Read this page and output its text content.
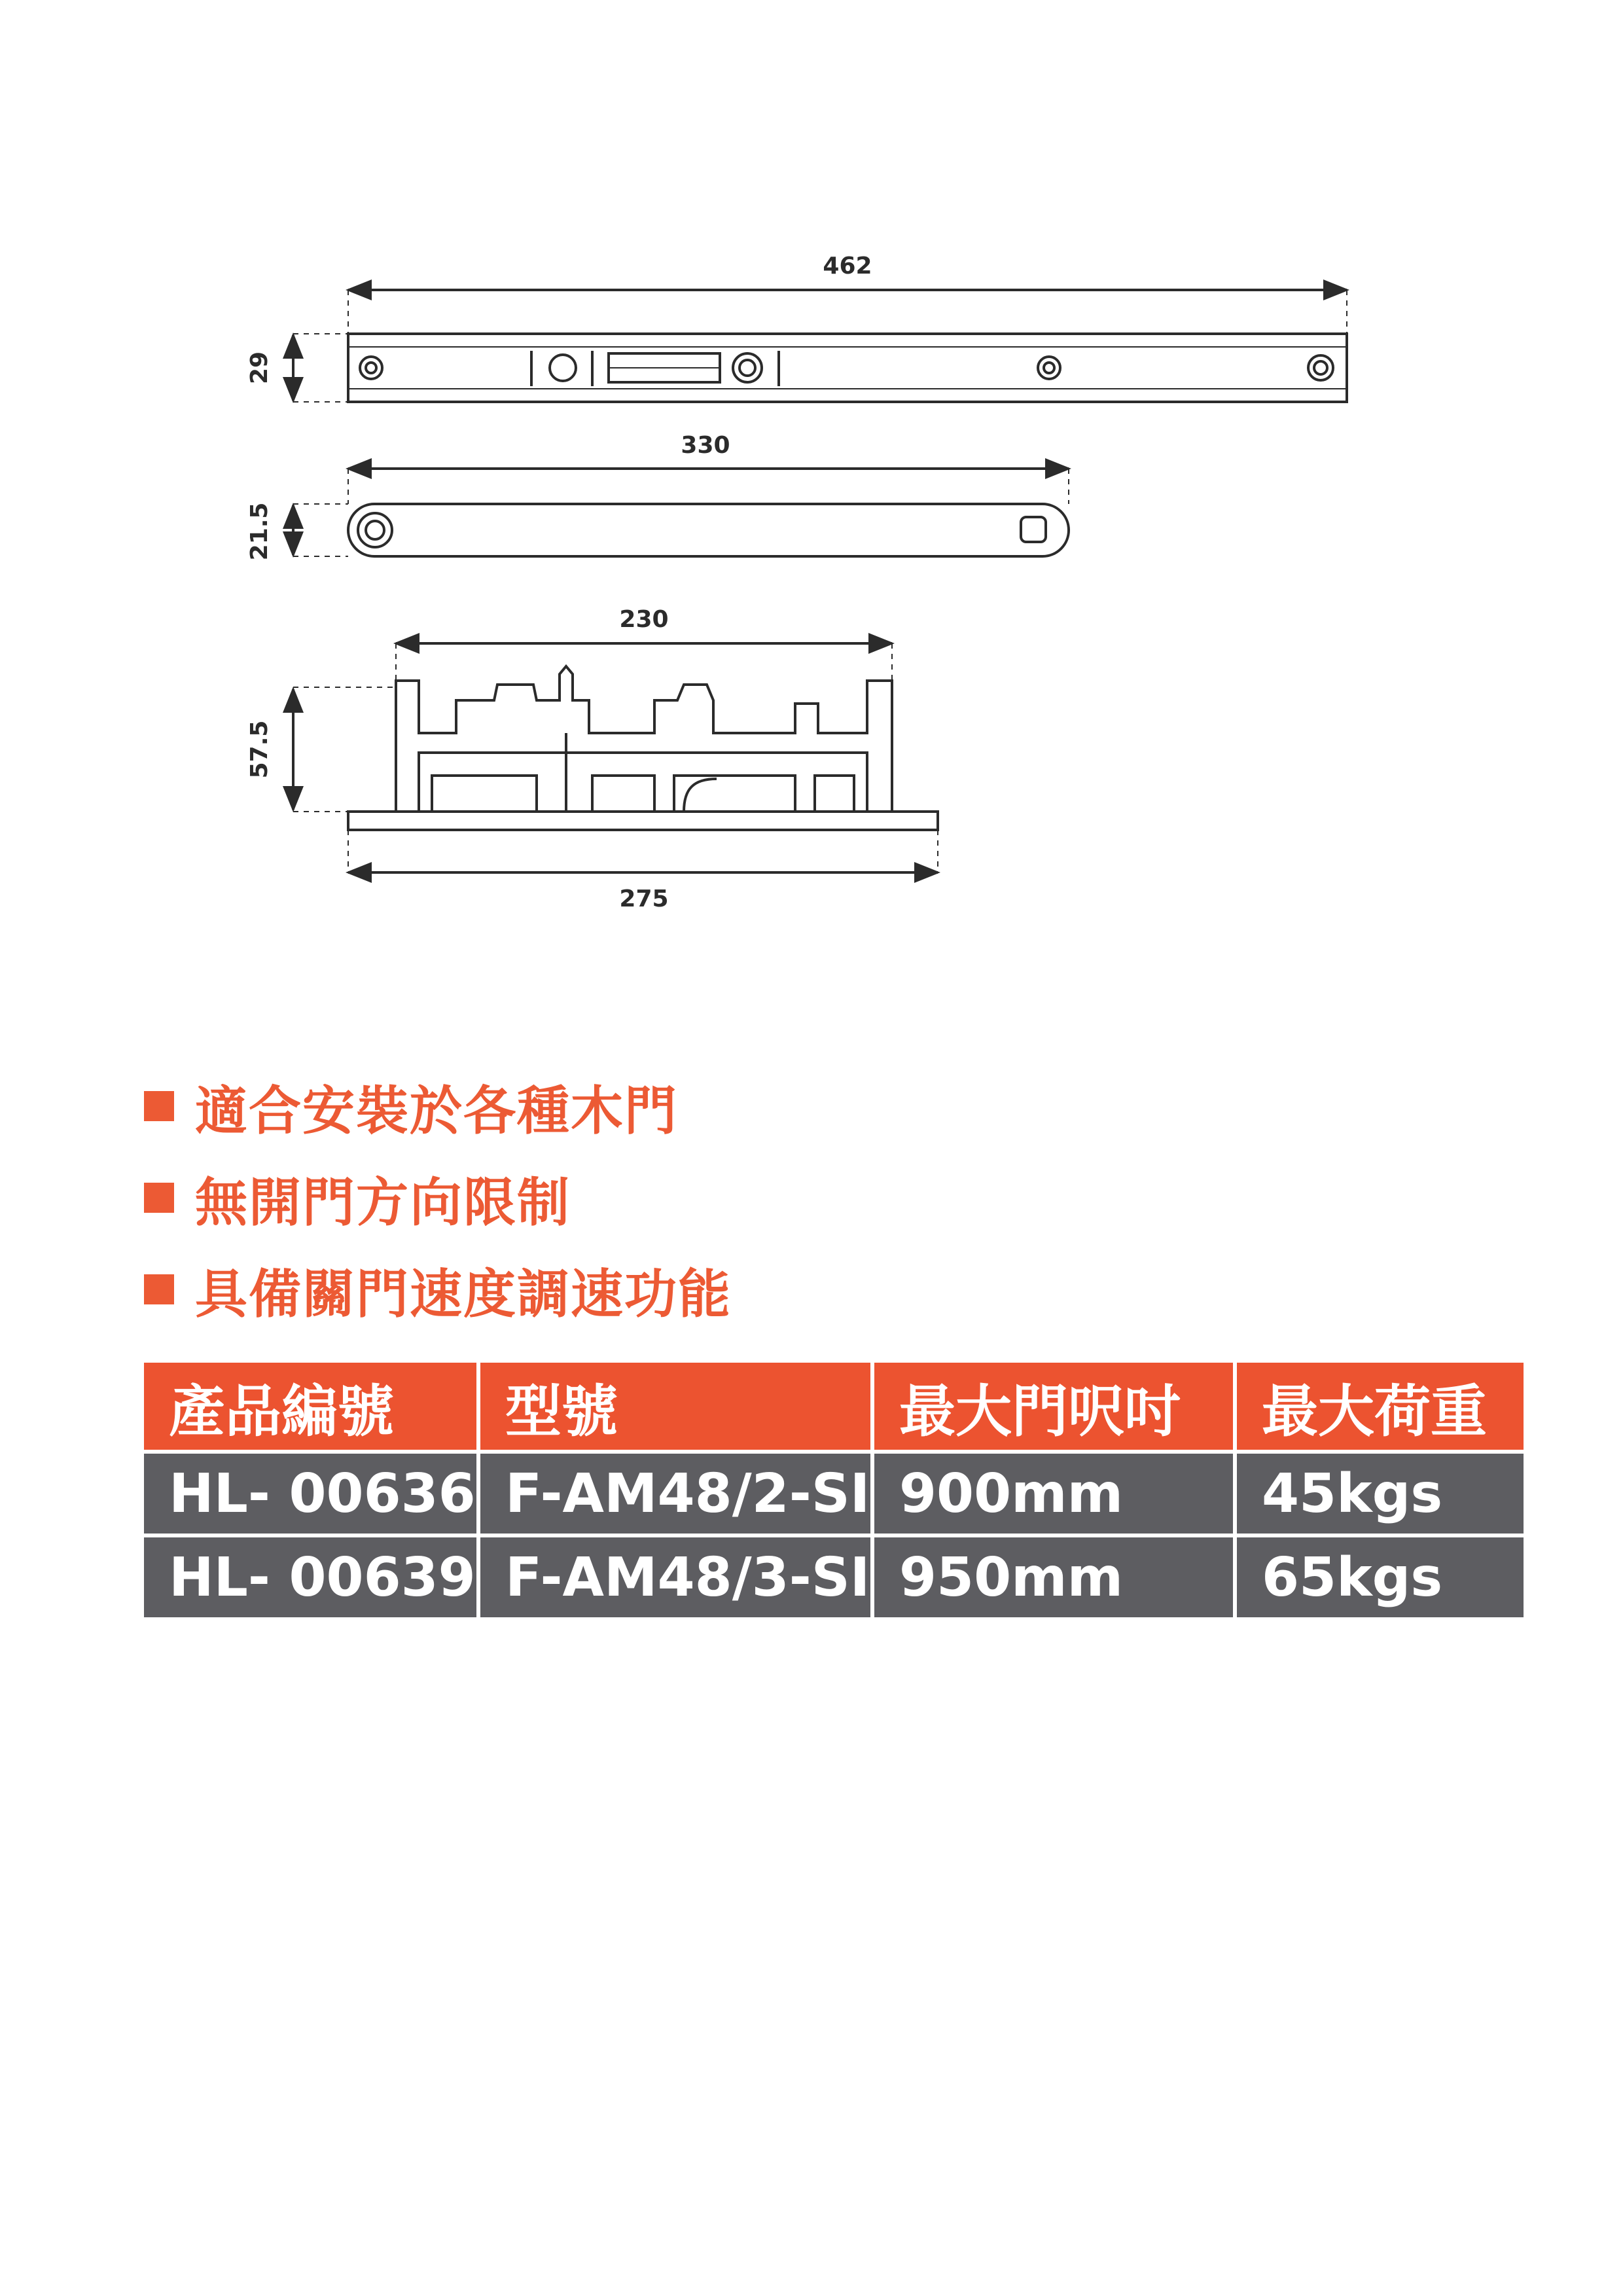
462
29
330
21.5
230
57.5
275
適合安裝於各種木門
無開門方向限制
具備關門速度調速功能
產品編號	型號	最大門呎吋	最大荷重
HL- 00636	F-AM48/2-SI	900mm	45kgs
HL- 00639	F-AM48/3-SI	950mm	65kgs
